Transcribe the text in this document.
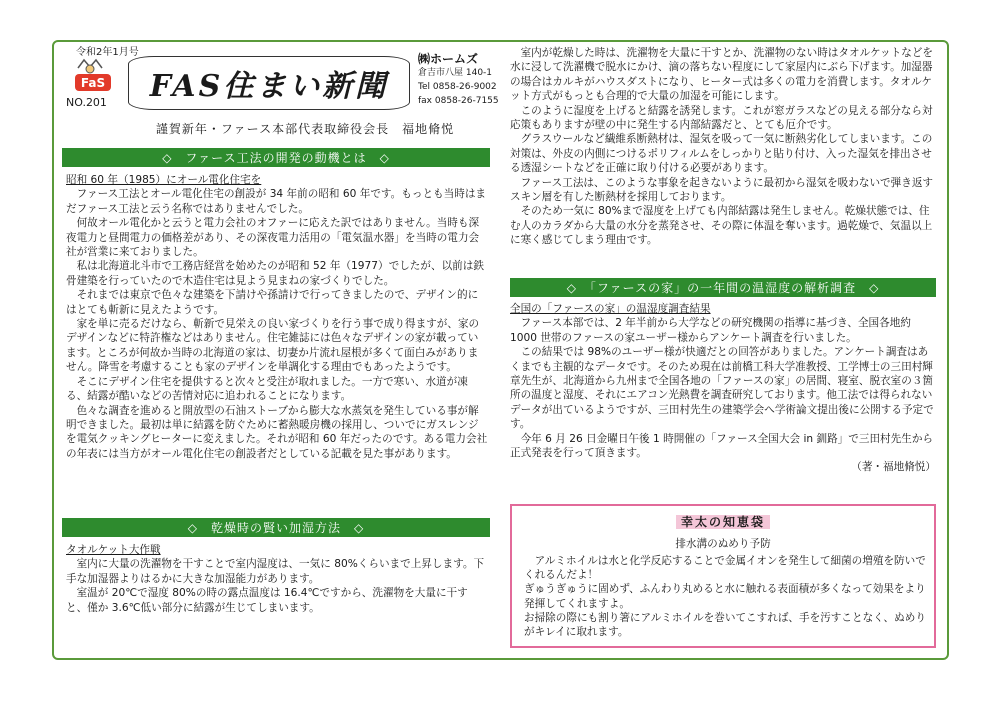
令和2年1月号
FaS
NO.201	FAS住まい新聞
㈱ホームズ
倉吉市八屋 140-1
Tel 0858-26-9002
fax 0858-26-7155
謹賀新年・ファース本部代表取締役会長　福地脩悦
◇　ファース工法の開発の動機とは　◇

昭和 60 年（1985）にオール電化住宅を

ファース工法とオール電化住宅の創設が 34 年前の昭和 60 年です。もっとも当時はまだファース工法と云う名称ではありませんでした。

何故オール電化かと云うと電力会社のオファーに応えた訳ではありません。当時も深夜電力と昼間電力の価格差があり、その深夜電力活用の「電気温水器」を当時の電力会社が営業に来ておりました。

私は北海道北斗市で工務店経営を始めたのが昭和 52 年（1977）でしたが、以前は鉄骨建築を行っていたので木造住宅は見よう見まねの家づくりでした。

それまでは東京で色々な建築を下請けや孫請けで行ってきましたので、デザイン的にはとても斬新に見えたようです。

家を単に売るだけなら、斬新で見栄えの良い家づくりを行う事で成り得ますが、家のデザインなどに特許権などはありません。住宅雑誌には色々なデザインの家が載っています。ところが何故か当時の北海道の家は、切妻か片流れ屋根が多くて面白みがありません。降雪を考慮することも家のデザインを単調化する理由でもあったようです。

そこにデザイン住宅を提供すると次々と受注が取れました。一方で寒い、水道が凍る、結露が酷いなどの苦情対応に追われることになります。

色々な調査を進めると開放型の石油ストーブから膨大な水蒸気を発生している事が解明できました。最初は単に結露を防ぐために蓄熱暖房機の採用し、ついでにガスレンジを電気クッキングヒーターに変えました。それが昭和 60 年だったのです。ある電力会社の年表には当方がオール電化住宅の創設者だとしている記載を見た事があります。

◇　乾燥時の賢い加湿方法　◇

タオルケット大作戦

室内に大量の洗濯物を干すことで室内湿度は、一気に 80%くらいまで上昇します。下手な加湿器よりはるかに大きな加湿能力があります。

室温が 20℃で湿度 80%の時の露点温度は 16.4℃ですから、洗濯物を大量に干すと、僅か 3.6℃低い部分に結露が生じてしまいます。

室内が乾燥した時は、洗濯物を大量に干すとか、洗濯物のない時はタオルケットなどを水に浸して洗濯機で脱水にかけ、滴の落ちない程度にして家屋内にぶら下げます。加湿器の場合はカルキがハウスダストになり、ヒーター式は多くの電力を消費します。タオルケット方式がもっとも合理的で大量の加湿を可能にします。

このように湿度を上げると結露を誘発します。これが窓ガラスなどの見える部分なら対応策もありますが壁の中に発生する内部結露だと、とても厄介です。

グラスウールなど繊維系断熱材は、湿気を吸って一気に断熱劣化してしまいます。この対策は、外皮の内側につけるポリフィルムをしっかりと貼り付け、入った湿気を排出させる透湿シートなどを正確に取り付ける必要があります。

ファース工法は、このような事象を起きないように最初から湿気を吸わないで弾き返すスキン層を有した断熱材を採用しております。

そのため一気に 80%まで湿度を上げても内部結露は発生しません。乾燥状態では、住む人のカラダから大量の水分を蒸発させ、その際に体温を奪います。過乾燥で、気温以上に寒く感じてしまう理由です。

◇　「ファースの家」の一年間の温湿度の解析調査　◇

全国の「ファースの家」の温湿度調査結果

ファース本部では、2 年半前から大学などの研究機関の指導に基づき、全国各地約 1000 世帯のファースの家ユーザー様からアンケート調査を行いました。

この結果では 98%のユーザー様が快適だとの回答がありました。アンケート調査はあくまでも主観的なデータです。そのため現在は前橋工科大学准教授、工学博士の三田村輝章先生が、北海道から九州まで全国各地の「ファースの家」の居間、寝室、脱衣室の３箇所の温度と湿度、それにエアコン光熱費を調査研究しております。他工法では得られないデータが出ているようですが、三田村先生の建築学会へ学術論文提出後に公開する予定です。

今年 6 月 26 日金曜日午後 1 時開催の「ファース全国大会 in 釧路」で三田村先生から正式発表を行って頂きます。

（著・福地脩悦）

幸太の知恵袋
排水溝のぬめり予防

アルミホイルは水と化学反応することで金属イオンを発生して細菌の増殖を防いでくれるんだよ！

ぎゅうぎゅうに固めず、ふんわり丸めると水に触れる表面積が多くなって効果をより発揮してくれますよ。

お掃除の際にも割り箸にアルミホイルを巻いてこすれば、手を汚すことなく、ぬめりがキレイに取れます。
